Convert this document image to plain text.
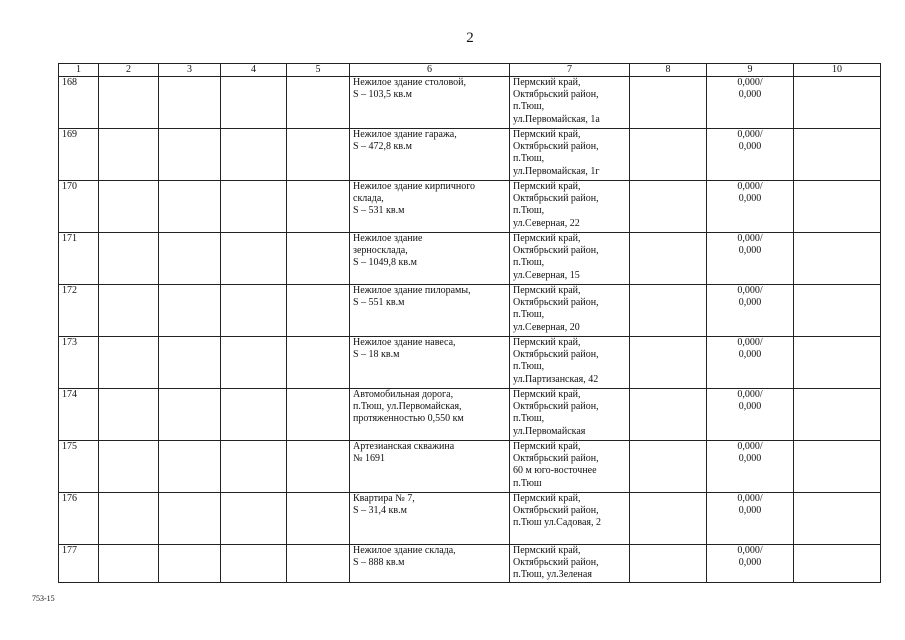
2
1	2	3	4	5	6	7	8	9	10
168					Нежилое здание столовой,
S – 103,5 кв.м	Пермский край,
Октябрьский район,
п.Тюш,
ул.Первомайская, 1а		0,000/
0,000	
169					Нежилое здание гаража,
S – 472,8 кв.м	Пермский край,
Октябрьский район,
п.Тюш,
ул.Первомайская, 1г		0,000/
0,000	
170					Нежилое здание кирпичного
склада,
S – 531 кв.м	Пермский край,
Октябрьский район,
п.Тюш,
ул.Северная, 22		0,000/
0,000	
171					Нежилое здание
зерносклада,
S – 1049,8 кв.м	Пермский край,
Октябрьский район,
п.Тюш,
ул.Северная, 15		0,000/
0,000	
172					Нежилое здание пилорамы,
S – 551 кв.м	Пермский край,
Октябрьский район,
п.Тюш,
ул.Северная, 20		0,000/
0,000	
173					Нежилое здание навеса,
S – 18 кв.м	Пермский край,
Октябрьский район,
п.Тюш,
ул.Партизанская, 42		0,000/
0,000	
174					Автомобильная дорога,
п.Тюш, ул.Первомайская,
протяженностью 0,550 км	Пермский край,
Октябрьский район,
п.Тюш,
ул.Первомайская		0,000/
0,000	
175					Артезианская скважина
№ 1691	Пермский край,
Октябрьский район,
60 м юго-восточнее
п.Тюш		0,000/
0,000	
176					Квартира № 7,
S – 31,4 кв.м	Пермский край,
Октябрьский район,
п.Тюш ул.Садовая, 2		0,000/
0,000	
177					Нежилое здание склада,
S – 888 кв.м	Пермский край,
Октябрьский район,
п.Тюш, ул.Зеленая		0,000/
0,000	
753-15
